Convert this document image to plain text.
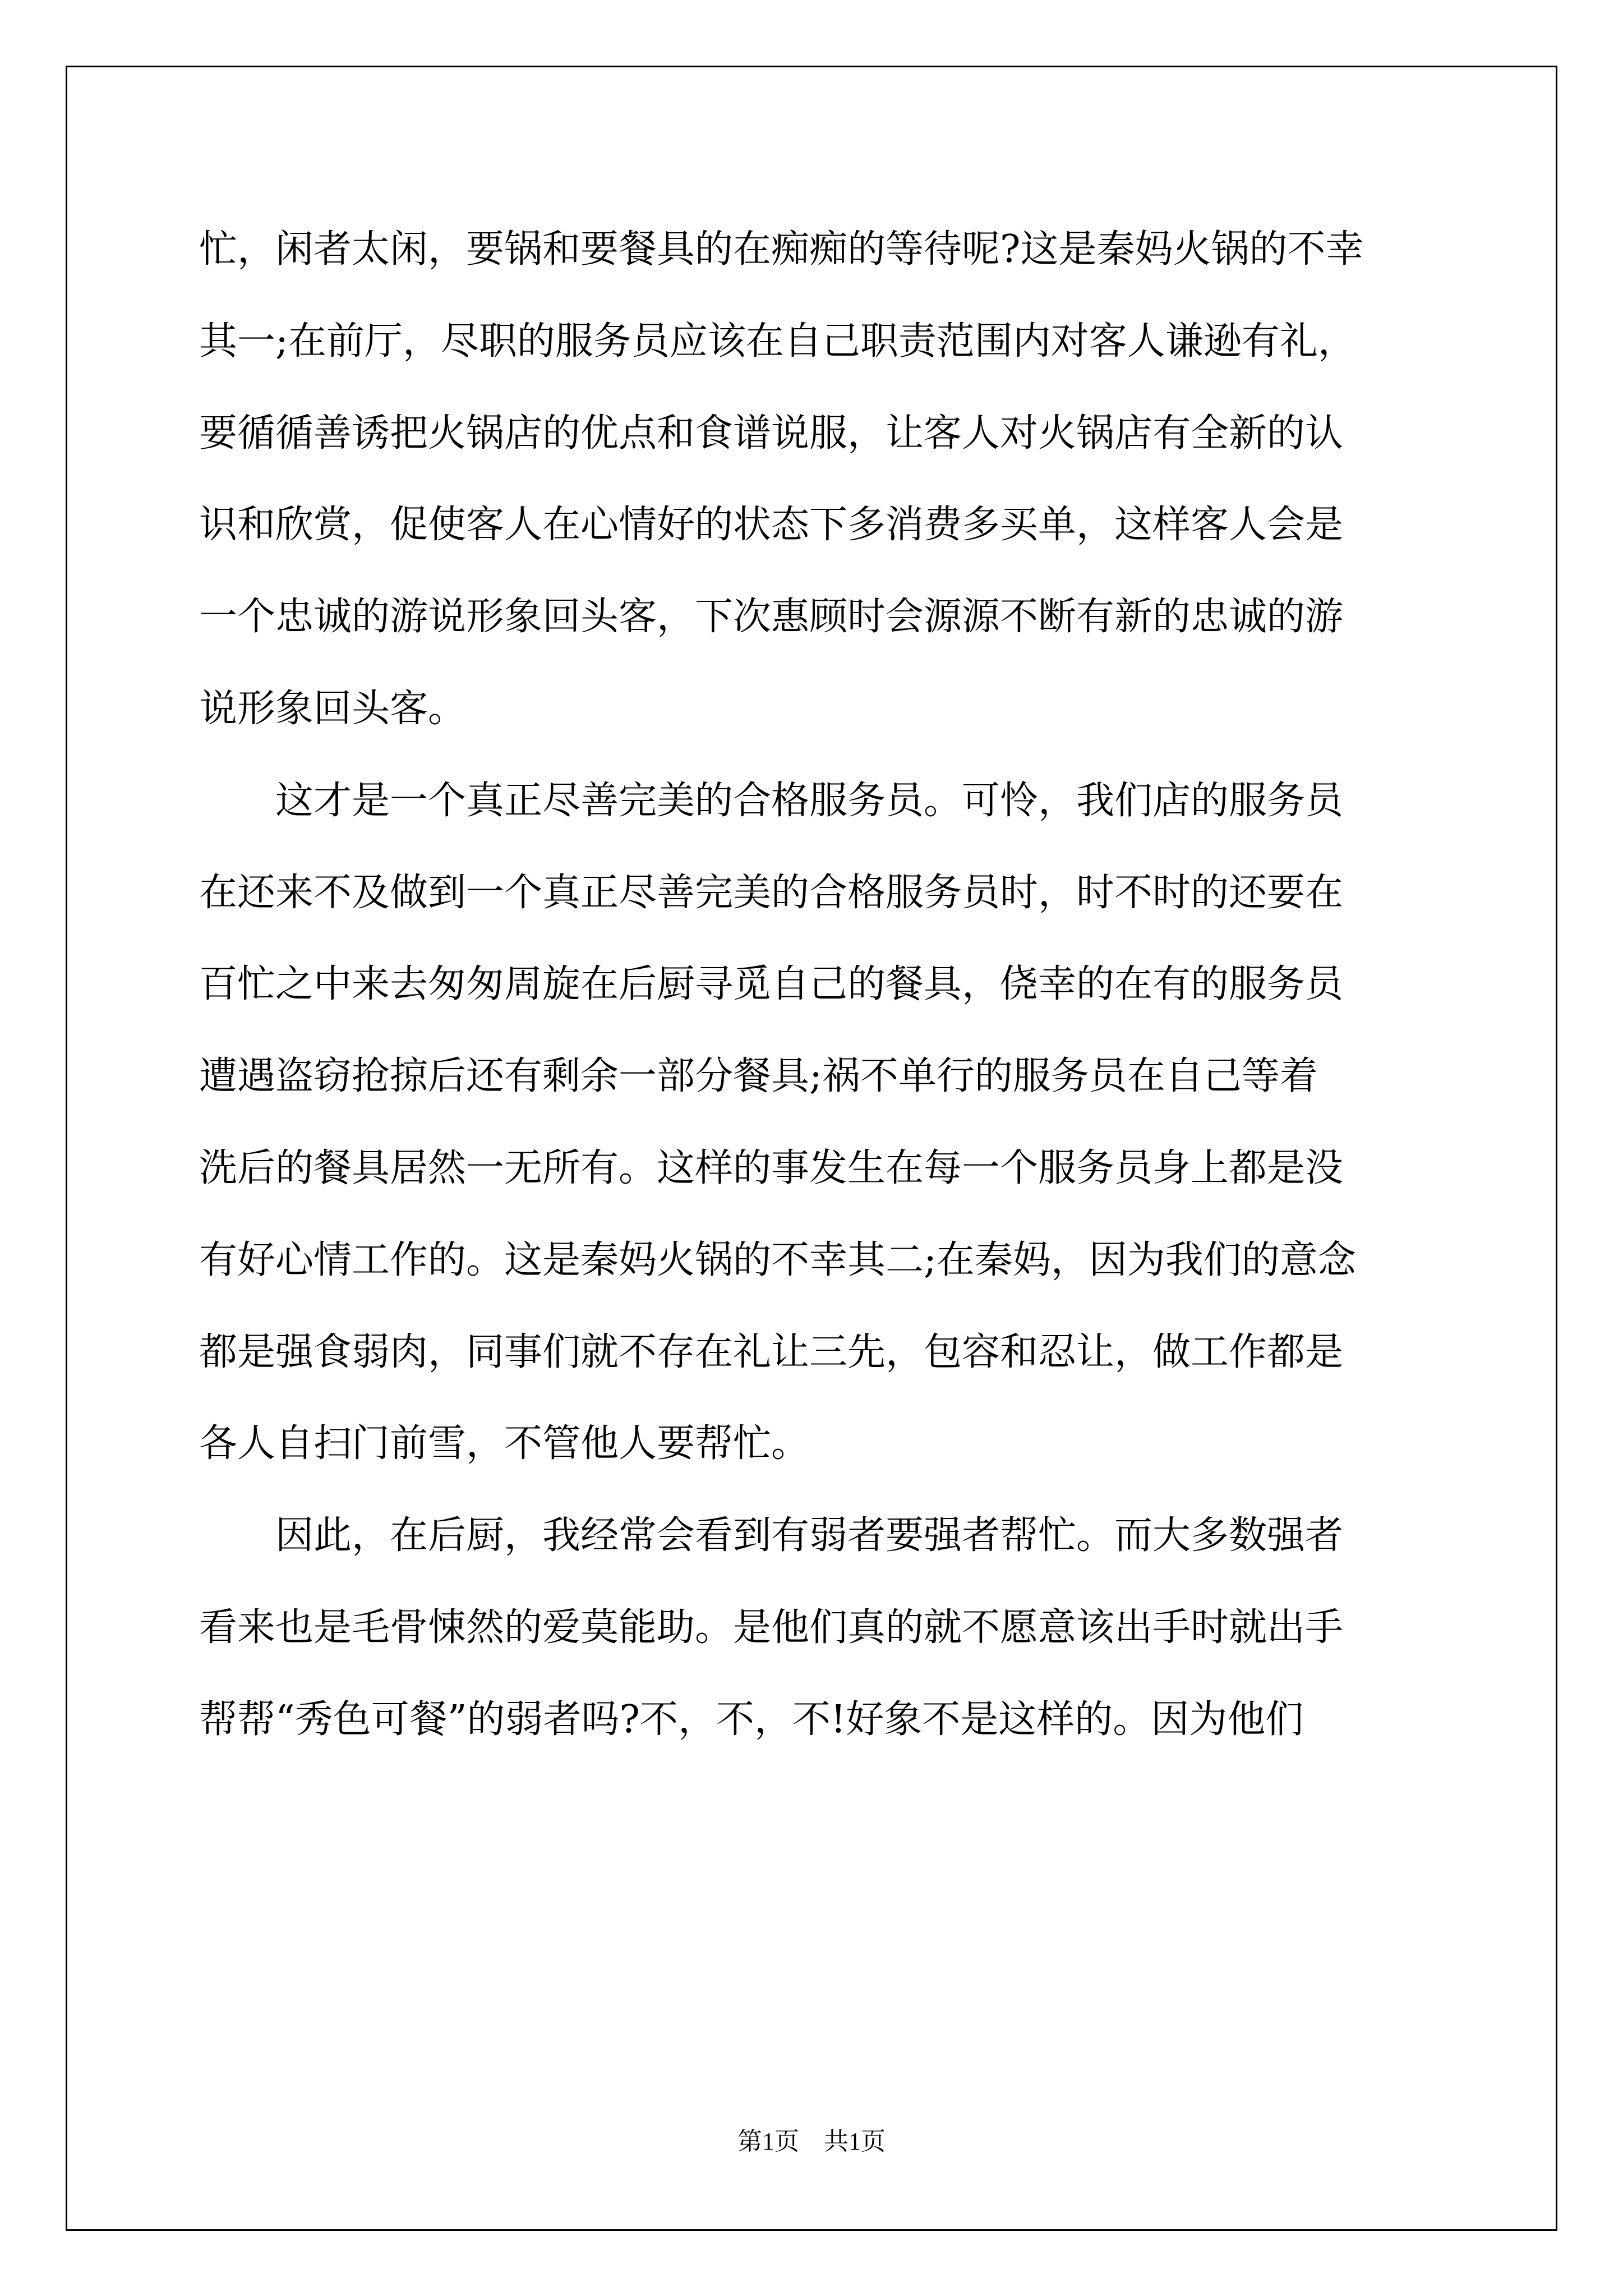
忙，闲者太闲，要锅和要餐具的在痴痴的等待呢?这是秦妈火锅的不幸
其一;在前厅，尽职的服务员应该在自己职责范围内对客人谦逊有礼，
要循循善诱把火锅店的优点和食谱说服，让客人对火锅店有全新的认
识和欣赏，促使客人在心情好的状态下多消费多买单，这样客人会是
一个忠诚的游说形象回头客，下次惠顾时会源源不断有新的忠诚的游
说形象回头客。
　　这才是一个真正尽善完美的合格服务员。可怜，我们店的服务员
在还来不及做到一个真正尽善完美的合格服务员时，时不时的还要在
百忙之中来去匆匆周旋在后厨寻觅自己的餐具，侥幸的在有的服务员
遭遇盗窃抢掠后还有剩余一部分餐具;祸不单行的服务员在自己等着
洗后的餐具居然一无所有。这样的事发生在每一个服务员身上都是没
有好心情工作的。这是秦妈火锅的不幸其二;在秦妈，因为我们的意念
都是强食弱肉，同事们就不存在礼让三先，包容和忍让，做工作都是
各人自扫门前雪，不管他人要帮忙。
　　因此，在后厨，我经常会看到有弱者要强者帮忙。而大多数强者
看来也是毛骨悚然的爱莫能助。是他们真的就不愿意该出手时就出手
帮帮“秀色可餐”的弱者吗?不，不，不!好象不是这样的。因为他们
第1页　共1页
